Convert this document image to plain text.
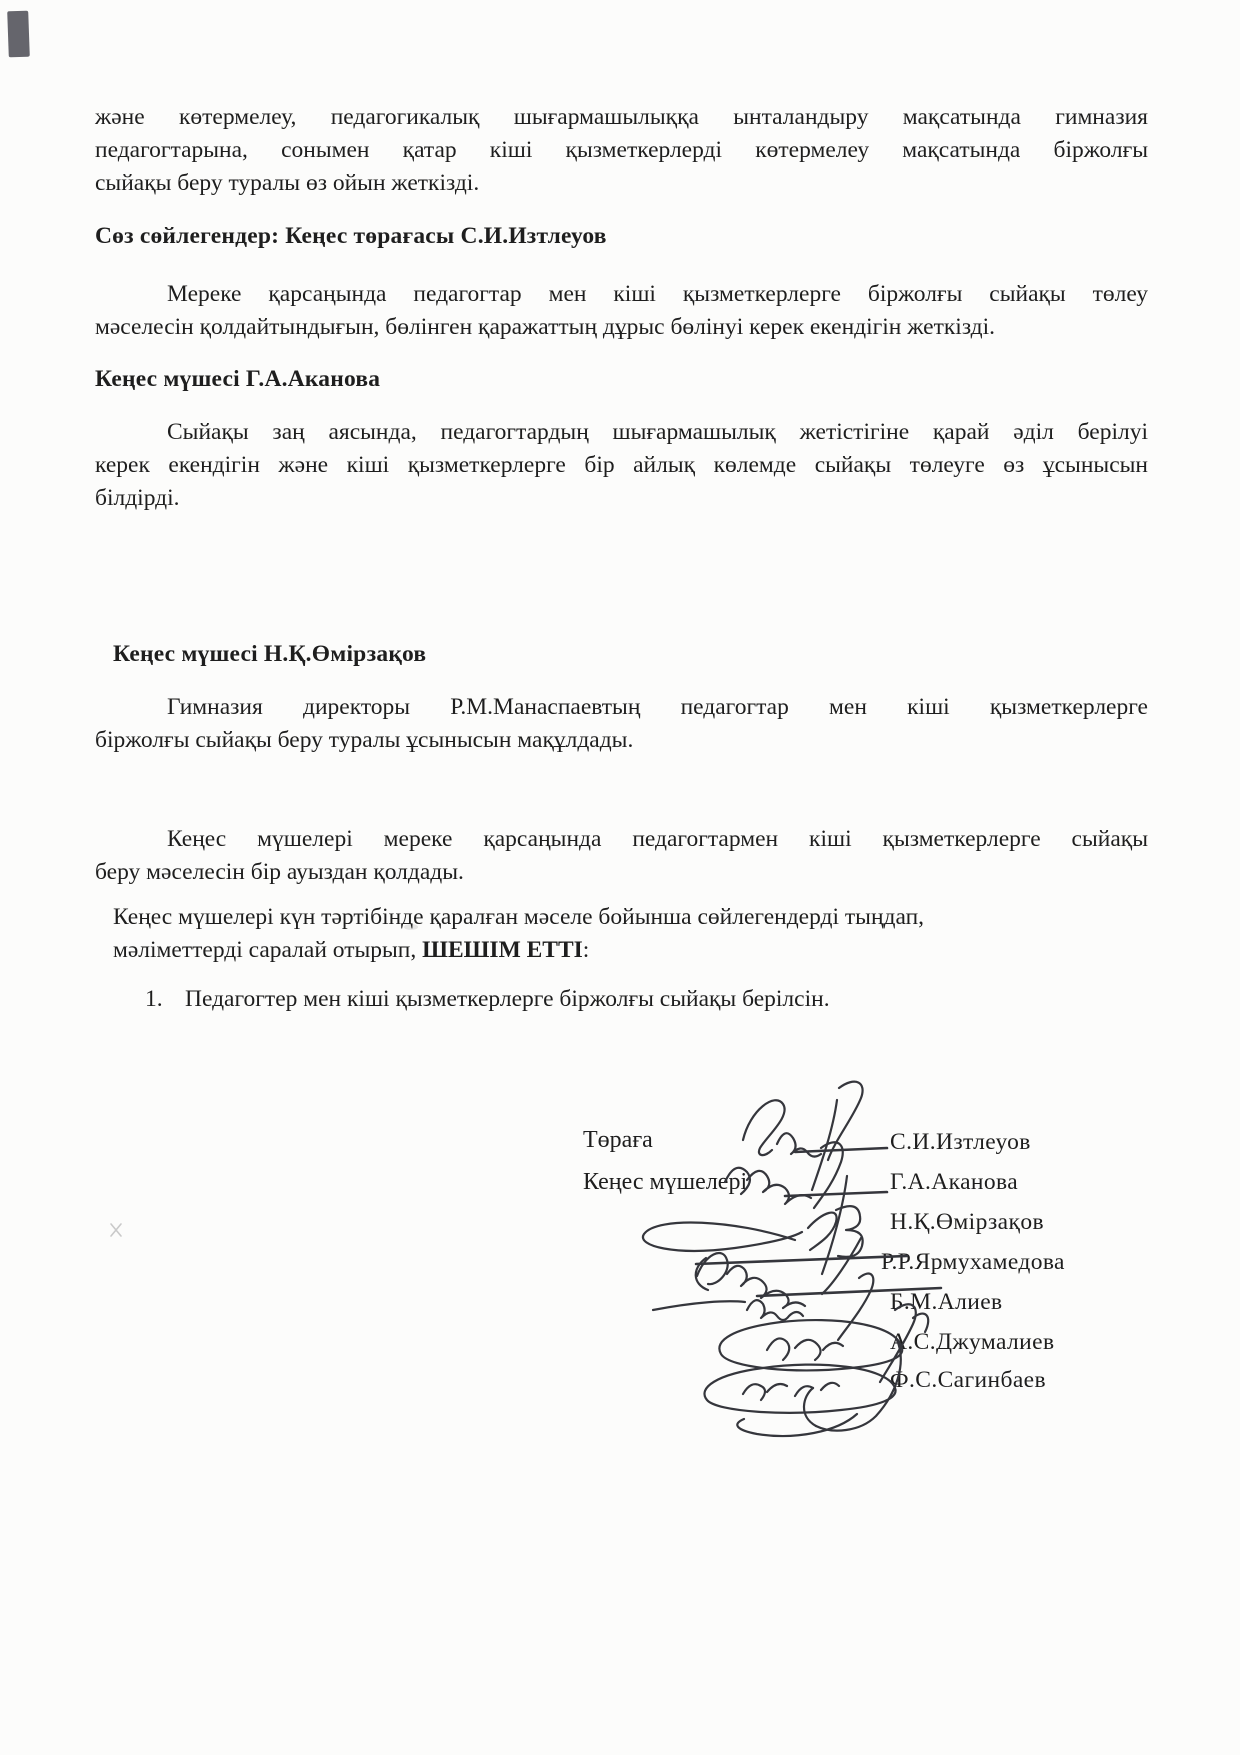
және көтермелеу, педагогикалық шығармашылыққа ынталандыру мақсатында гимназия
педагогтарына, сонымен қатар кіші қызметкерлерді көтермелеу мақсатында біржолғы
сыйақы беру туралы өз ойын жеткізді.

Сөз сөйлегендер: Кеңес төрағасы С.И.Изтлеуов

Мереке қарсаңында педагогтар мен кіші қызметкерлерге біржолғы сыйақы төлеу
мәселесін қолдайтындығын, бөлінген қаражаттың дұрыс бөлінуі керек екендігін жеткізді.

Кеңес мүшесі Г.А.Аканова

Сыйақы заң аясында, педагогтардың шығармашылық жетістігіне қарай әділ берілуі
керек екендігін және кіші қызметкерлерге бір айлық көлемде сыйақы төлеуге өз ұсынысын
білдірді.

Кеңес мүшесі Н.Қ.Өмірзақов

Гимназия директоры Р.М.Манаспаевтың педагогтар мен кіші қызметкерлерге
біржолғы сыйақы беру туралы ұсынысын мақұлдады.

Кеңес мүшелері мереке қарсаңында педагогтармен кіші қызметкерлерге сыйақы
беру мәселесін бір ауыздан қолдады.

Кеңес мүшелері күн тәртібінде қаралған мәселе бойынша сөйлегендерді тыңдап,
мәліметтерді саралай отырып, ШЕШІМ ЕТТІ:

1. Педагогтер мен кіші қызметкерлерге біржолғы сыйақы берілсін.
Төраға
Кеңес мүшелері
С.И.Изтлеуов
Г.А.Аканова
Н.Қ.Өмірзақов
Р.Р.Ярмухамедова
Б.М.Алиев
А.С.Джумалиев
Ф.С.Сагинбаев
